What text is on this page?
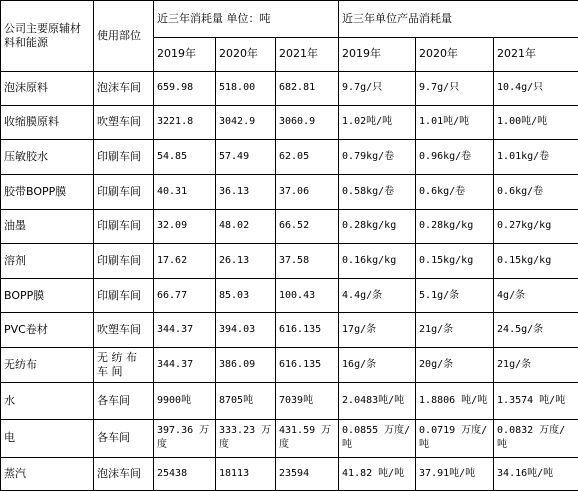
公司主要原辅材料和能源	使用部位	近三年消耗量 单位：吨			近三年单位产品消耗量		
		2019年	2020年	2021年	2019年	2020年	2021年
泡沫原料	泡沫车间	659.98	518.00	682.81	9.7g/只	9.7g/只	10.4g/只
收缩膜原料	吹塑车间	3221.8	3042.9	3060.9	1.02吨/吨	1.01吨/吨	1.00吨/吨
压敏胶水	印刷车间	54.85	57.49	62.05	0.79kg/卷	0.96kg/卷	1.01kg/卷
胶带BOPP膜	印刷车间	40.31	36.13	37.06	0.58kg/卷	0.6kg/卷	0.6kg/卷
油墨	印刷车间	32.09	48.02	66.52	0.28kg/kg	0.28kg/kg	0.27kg/kg
溶剂	印刷车间	17.62	26.13	37.58	0.16kg/kg	0.15kg/kg	0.15kg/kg
BOPP膜	印刷车间	66.77	85.03	100.43	4.4g/条	5.1g/条	4g/条
PVC卷材	吹塑车间	344.37	394.03	616.135	17g/条	21g/条	24.5g/条
无纺布	无 纺 布 车 间	344.37	386.09	616.135	16g/条	20g/条	21g/条
水	各车间	9900吨	8705吨	7039吨	2.0483吨/吨	1.8806 吨/吨	1.3574 吨/吨
电	各车间	397.36 万度	333.23 万度	431.59 万度	0.0855 万度/吨	0.0719 万度/吨	0.0832 万度/吨
蒸汽	泡沫车间	25438	18113	23594	41.82 吨/吨	37.91吨/吨	34.16吨/吨
